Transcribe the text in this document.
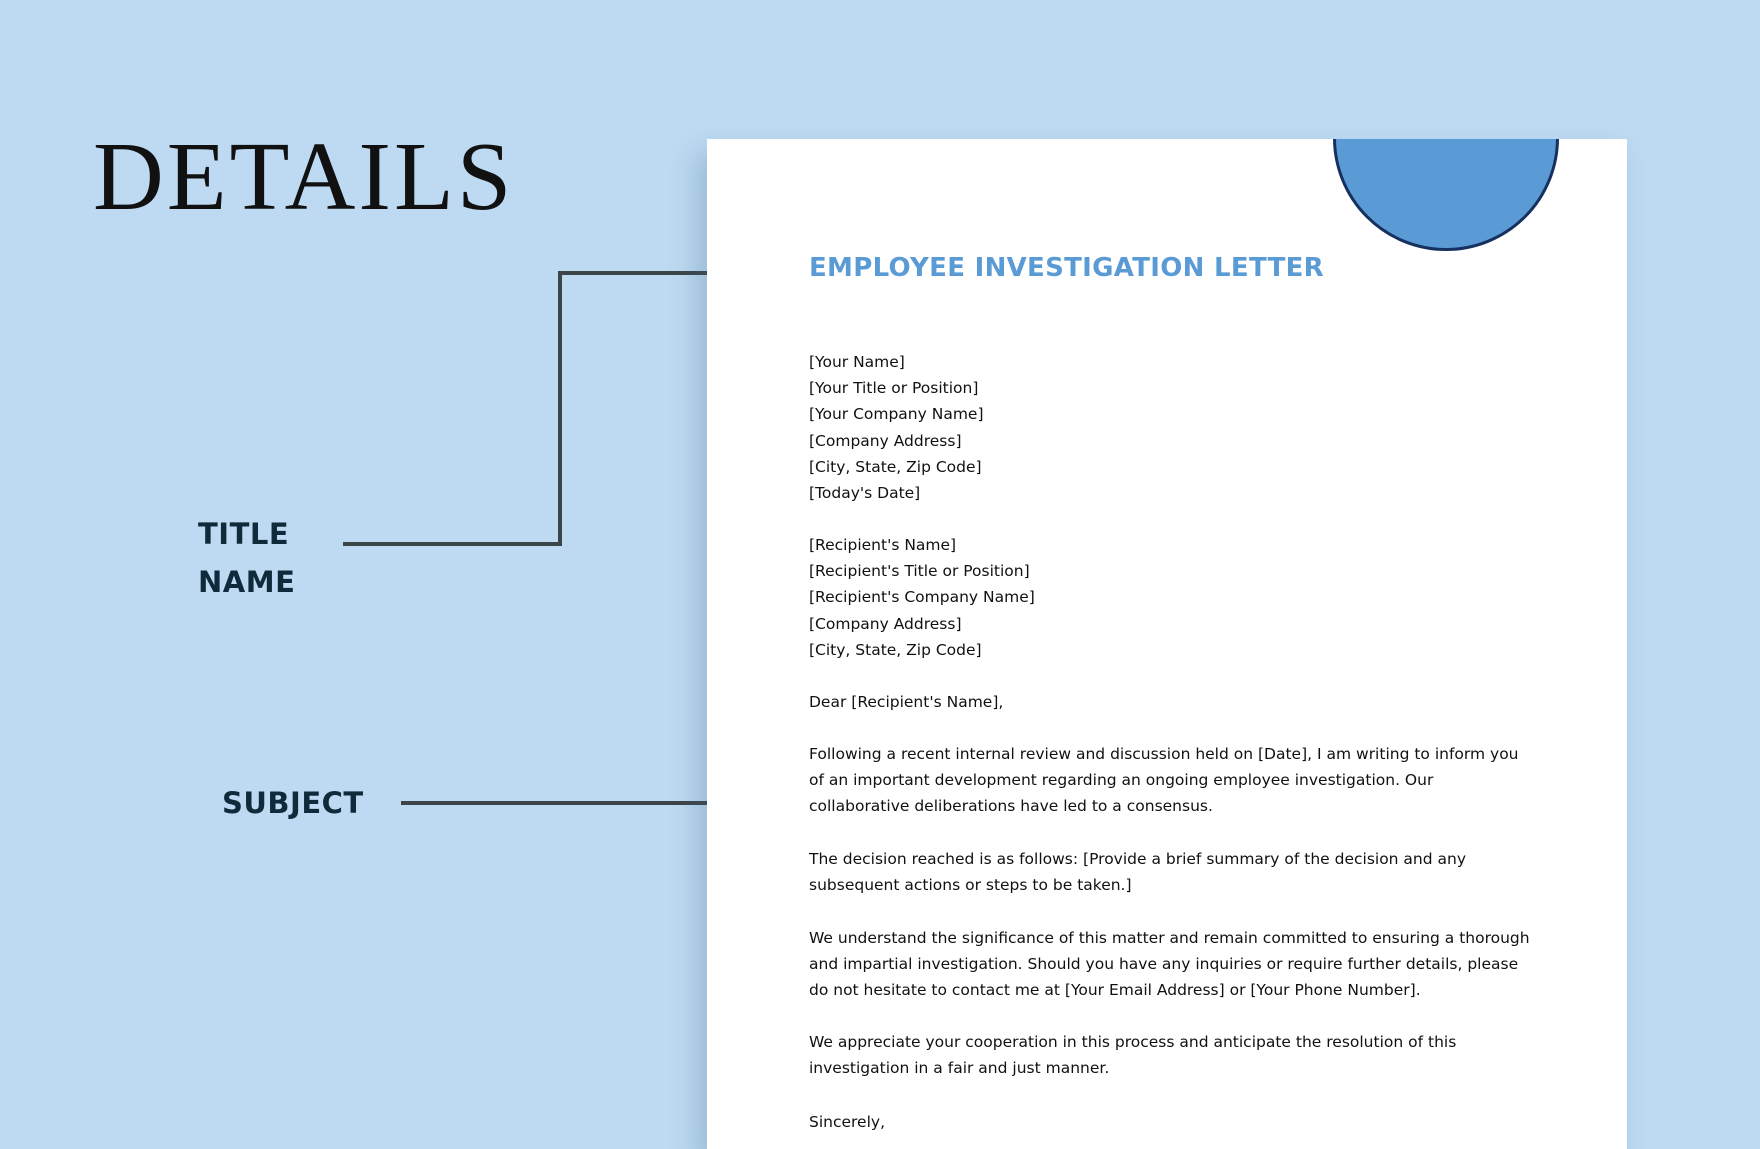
DETAILS
TITLE
NAME
SUBJECT
EMPLOYEE INVESTIGATION LETTER
[Your Name]
[Your Title or Position]
[Your Company Name]
[Company Address]
[City, State, Zip Code]
[Today's Date]
[Recipient's Name]
[Recipient's Title or Position]
[Recipient's Company Name]
[Company Address]
[City, State, Zip Code]
Dear [Recipient's Name],
Following a recent internal review and discussion held on [Date], I am writing to inform you
of an important development regarding an ongoing employee investigation. Our
collaborative deliberations have led to a consensus.
The decision reached is as follows: [Provide a brief summary of the decision and any
subsequent actions or steps to be taken.]
We understand the significance of this matter and remain committed to ensuring a thorough
and impartial investigation. Should you have any inquiries or require further details, please
do not hesitate to contact me at [Your Email Address] or [Your Phone Number].
We appreciate your cooperation in this process and anticipate the resolution of this
investigation in a fair and just manner.
Sincerely,
